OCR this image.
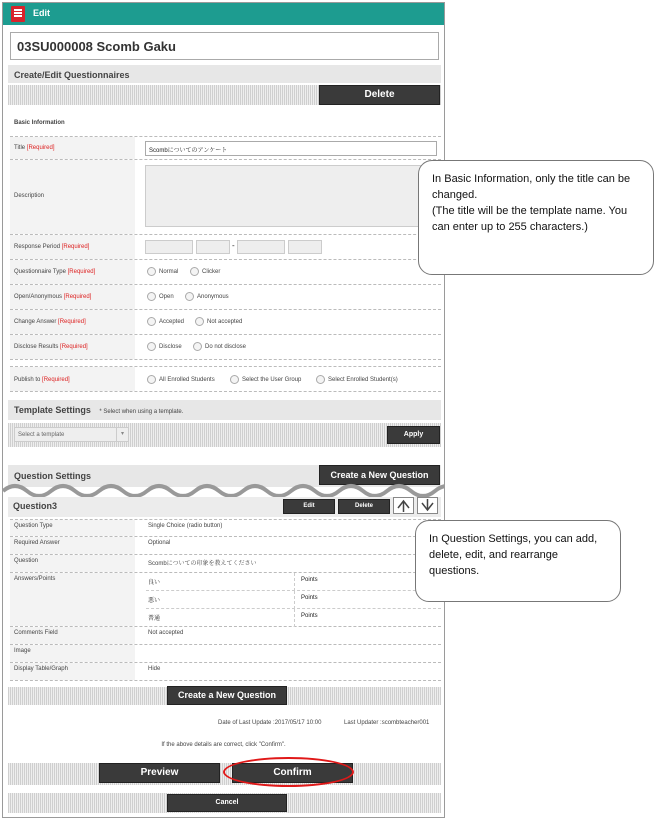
Edit
03SU000008 Scomb Gaku
Create/Edit Questionnaires
Delete
Basic Information
Title [Required]	Scombについてのアンケート
Description
Response Period [Required]	-
Questionnaire Type [Required]	Normal	Clicker
Open/Anonymous [Required]	Open	Anonymous
Change Answer [Required]	Accepted	Not accepted
Disclose Results [Required]	Disclose	Do not disclose
Publish to [Required]	All Enrolled Students	Select the User Group	Select Enrolled Student(s)
Template Settings * Select when using a template.
Select a template	▾	Apply
Question Settings	Create a New Question
Question3	Edit	Delete
Question Type	Single Choice (radio button)
Required Answer	Optional
Question	Scombについての印象を教えてください
Answers/Points
良い	Points
悪い	Points
普通	Points
Comments Field	Not accepted
Image
Display Table/Graph	Hide
Create a New Question
Date of Last Update :2017/05/17 10:00	Last Updater :scombteacher001
If the above details are correct, click "Confirm".
Preview	Confirm
Cancel
In Basic Information, only the title can be changed.
(The title will be the template name. You can enter up to 255 characters.)
In Question Settings, you can add, delete, edit, and rearrange questions.
